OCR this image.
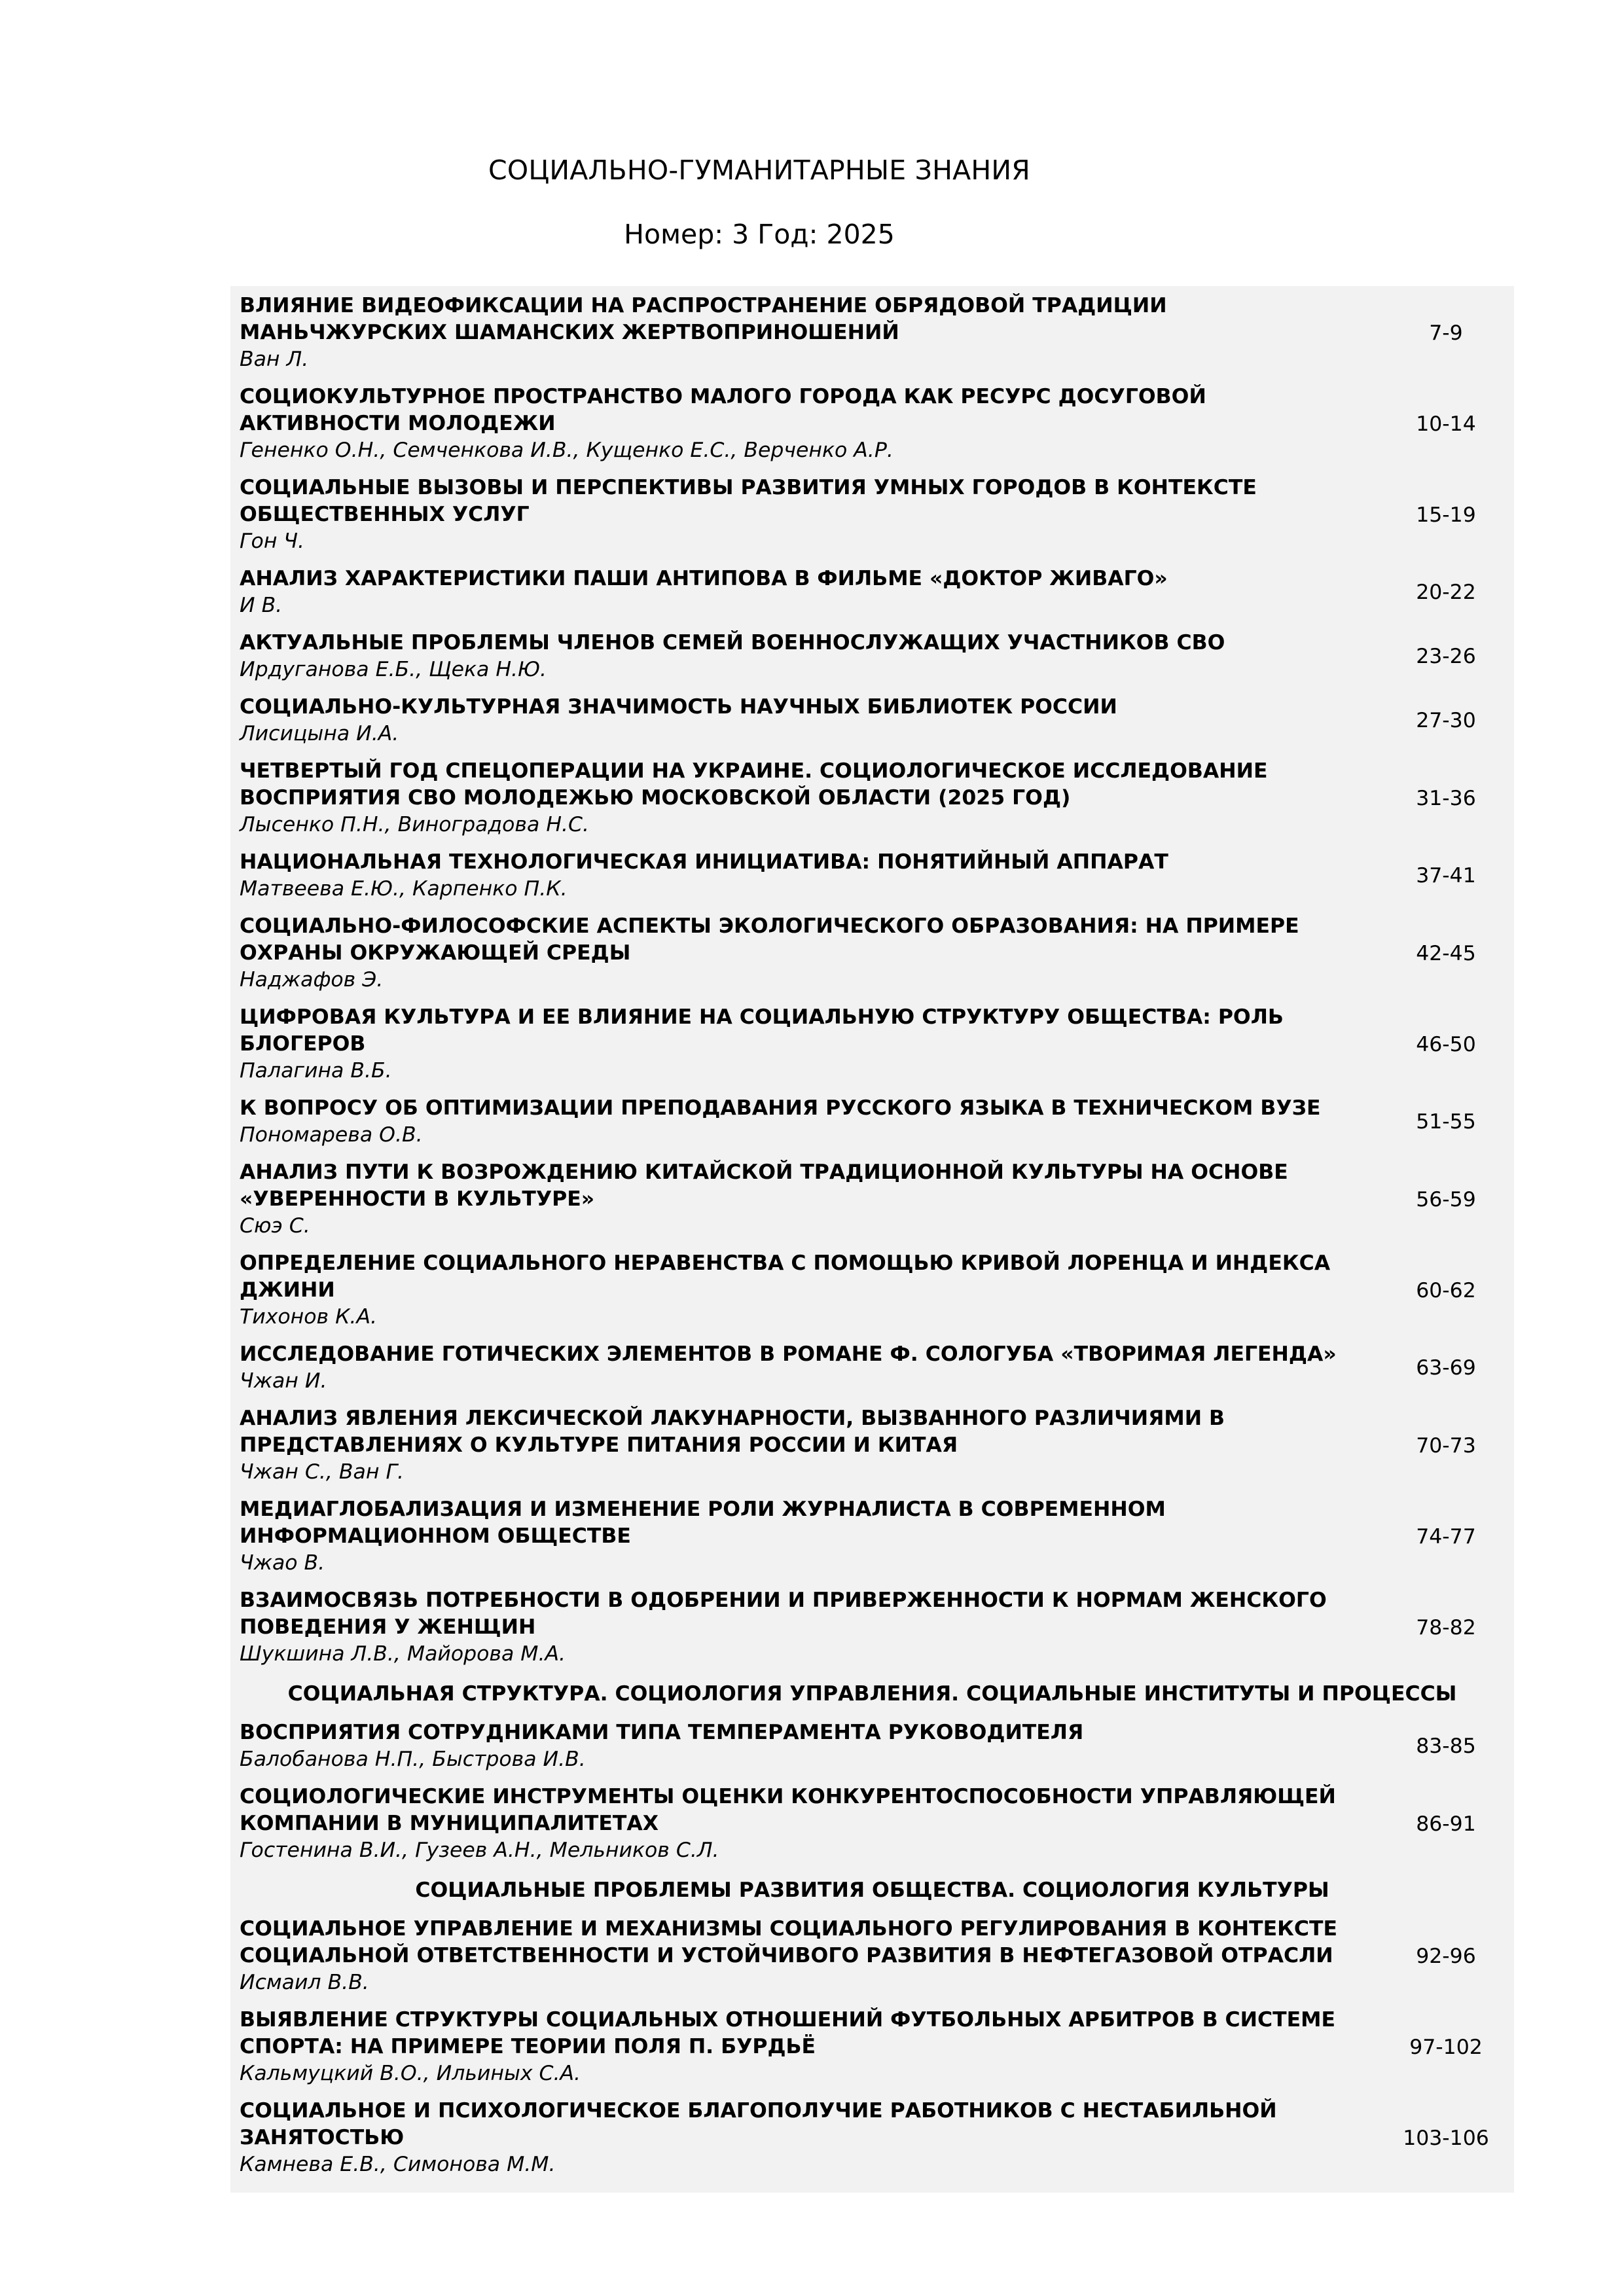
СОЦИАЛЬНО-ГУМАНИТАРНЫЕ ЗНАНИЯ
Номер: 3 Год: 2025
ВЛИЯНИЕ ВИДЕОФИКСАЦИИ НА РАСПРОСТРАНЕНИЕ ОБРЯДОВОЙ ТРАДИЦИИ МАНЬЧЖУРСКИХ ШАМАНСКИХ ЖЕРТВОПРИНОШЕНИЙ
Ван Л.
7-9
СОЦИОКУЛЬТУРНОЕ ПРОСТРАНСТВО МАЛОГО ГОРОДА КАК РЕСУРС ДОСУГОВОЙ АКТИВНОСТИ МОЛОДЕЖИ
Гененко О.Н., Семченкова И.В., Кущенко Е.С., Верченко А.Р.
10-14
СОЦИАЛЬНЫЕ ВЫЗОВЫ И ПЕРСПЕКТИВЫ РАЗВИТИЯ УМНЫХ ГОРОДОВ В КОНТЕКСТЕ ОБЩЕСТВЕННЫХ УСЛУГ
Гон Ч.
15-19
АНАЛИЗ ХАРАКТЕРИСТИКИ ПАШИ АНТИПОВА В ФИЛЬМЕ «ДОКТОР ЖИВАГО»
И В.
20-22
АКТУАЛЬНЫЕ ПРОБЛЕМЫ ЧЛЕНОВ СЕМЕЙ ВОЕННОСЛУЖАЩИХ УЧАСТНИКОВ СВО
Ирдуганова Е.Б., Щека Н.Ю.
23-26
СОЦИАЛЬНО-КУЛЬТУРНАЯ ЗНАЧИМОСТЬ НАУЧНЫХ БИБЛИОТЕК РОССИИ
Лисицына И.А.
27-30
ЧЕТВЕРТЫЙ ГОД СПЕЦОПЕРАЦИИ НА УКРАИНЕ. СОЦИОЛОГИЧЕСКОЕ ИССЛЕДОВАНИЕ ВОСПРИЯТИЯ СВО МОЛОДЕЖЬЮ МОСКОВСКОЙ ОБЛАСТИ (2025 ГОД)
Лысенко П.Н., Виноградова Н.С.
31-36
НАЦИОНАЛЬНАЯ ТЕХНОЛОГИЧЕСКАЯ ИНИЦИАТИВА: ПОНЯТИЙНЫЙ АППАРАТ
Матвеева Е.Ю., Карпенко П.К.
37-41
СОЦИАЛЬНО-ФИЛОСОФСКИЕ АСПЕКТЫ ЭКОЛОГИЧЕСКОГО ОБРАЗОВАНИЯ: НА ПРИМЕРЕ ОХРАНЫ ОКРУЖАЮЩЕЙ СРЕДЫ
Наджафов Э.
42-45
ЦИФРОВАЯ КУЛЬТУРА И ЕЕ ВЛИЯНИЕ НА СОЦИАЛЬНУЮ СТРУКТУРУ ОБЩЕСТВА: РОЛЬ БЛОГЕРОВ
Палагина В.Б.
46-50
К ВОПРОСУ ОБ ОПТИМИЗАЦИИ ПРЕПОДАВАНИЯ РУССКОГО ЯЗЫКА В ТЕХНИЧЕСКОМ ВУЗЕ
Пономарева О.В.
51-55
АНАЛИЗ ПУТИ К ВОЗРОЖДЕНИЮ КИТАЙСКОЙ ТРАДИЦИОННОЙ КУЛЬТУРЫ НА ОСНОВЕ «УВЕРЕННОСТИ В КУЛЬТУРЕ»
Сюэ С.
56-59
ОПРЕДЕЛЕНИЕ СОЦИАЛЬНОГО НЕРАВЕНСТВА С ПОМОЩЬЮ КРИВОЙ ЛОРЕНЦА И ИНДЕКСА ДЖИНИ
Тихонов К.А.
60-62
ИССЛЕДОВАНИЕ ГОТИЧЕСКИХ ЭЛЕМЕНТОВ В РОМАНЕ Ф. СОЛОГУБА «ТВОРИМАЯ ЛЕГЕНДА»
Чжан И.
63-69
АНАЛИЗ ЯВЛЕНИЯ ЛЕКСИЧЕСКОЙ ЛАКУНАРНОСТИ, ВЫЗВАННОГО РАЗЛИЧИЯМИ В ПРЕДСТАВЛЕНИЯХ О КУЛЬТУРЕ ПИТАНИЯ РОССИИ И КИТАЯ
Чжан С., Ван Г.
70-73
МЕДИАГЛОБАЛИЗАЦИЯ И ИЗМЕНЕНИЕ РОЛИ ЖУРНАЛИСТА В СОВРЕМЕННОМ ИНФОРМАЦИОННОМ ОБЩЕСТВЕ
Чжао В.
74-77
ВЗАИМОСВЯЗЬ ПОТРЕБНОСТИ В ОДОБРЕНИИ И ПРИВЕРЖЕННОСТИ К НОРМАМ ЖЕНСКОГО ПОВЕДЕНИЯ У ЖЕНЩИН
Шукшина Л.В., Майорова М.А.
78-82
СОЦИАЛЬНАЯ СТРУКТУРА. СОЦИОЛОГИЯ УПРАВЛЕНИЯ. СОЦИАЛЬНЫЕ ИНСТИТУТЫ И ПРОЦЕССЫ
ВОСПРИЯТИЯ СОТРУДНИКАМИ ТИПА ТЕМПЕРАМЕНТА РУКОВОДИТЕЛЯ
Балобанова Н.П., Быстрова И.В.
83-85
СОЦИОЛОГИЧЕСКИЕ ИНСТРУМЕНТЫ ОЦЕНКИ КОНКУРЕНТОСПОСОБНОСТИ УПРАВЛЯЮЩЕЙ КОМПАНИИ В МУНИЦИПАЛИТЕТАХ
Гостенина В.И., Гузеев А.Н., Мельников С.Л.
86-91
СОЦИАЛЬНЫЕ ПРОБЛЕМЫ РАЗВИТИЯ ОБЩЕСТВА. СОЦИОЛОГИЯ КУЛЬТУРЫ
СОЦИАЛЬНОЕ УПРАВЛЕНИЕ И МЕХАНИЗМЫ СОЦИАЛЬНОГО РЕГУЛИРОВАНИЯ В КОНТЕКСТЕ СОЦИАЛЬНОЙ ОТВЕТСТВЕННОСТИ И УСТОЙЧИВОГО РАЗВИТИЯ В НЕФТЕГАЗОВОЙ ОТРАСЛИ
Исмаил В.В.
92-96
ВЫЯВЛЕНИЕ СТРУКТУРЫ СОЦИАЛЬНЫХ ОТНОШЕНИЙ ФУТБОЛЬНЫХ АРБИТРОВ В СИСТЕМЕ СПОРТА: НА ПРИМЕРЕ ТЕОРИИ ПОЛЯ П. БУРДЬЁ
Кальмуцкий В.О., Ильиных С.А.
97-102
СОЦИАЛЬНОЕ И ПСИХОЛОГИЧЕСКОЕ БЛАГОПОЛУЧИЕ РАБОТНИКОВ С НЕСТАБИЛЬНОЙ ЗАНЯТОСТЬЮ
Камнева Е.В., Симонова М.М.
103-106
